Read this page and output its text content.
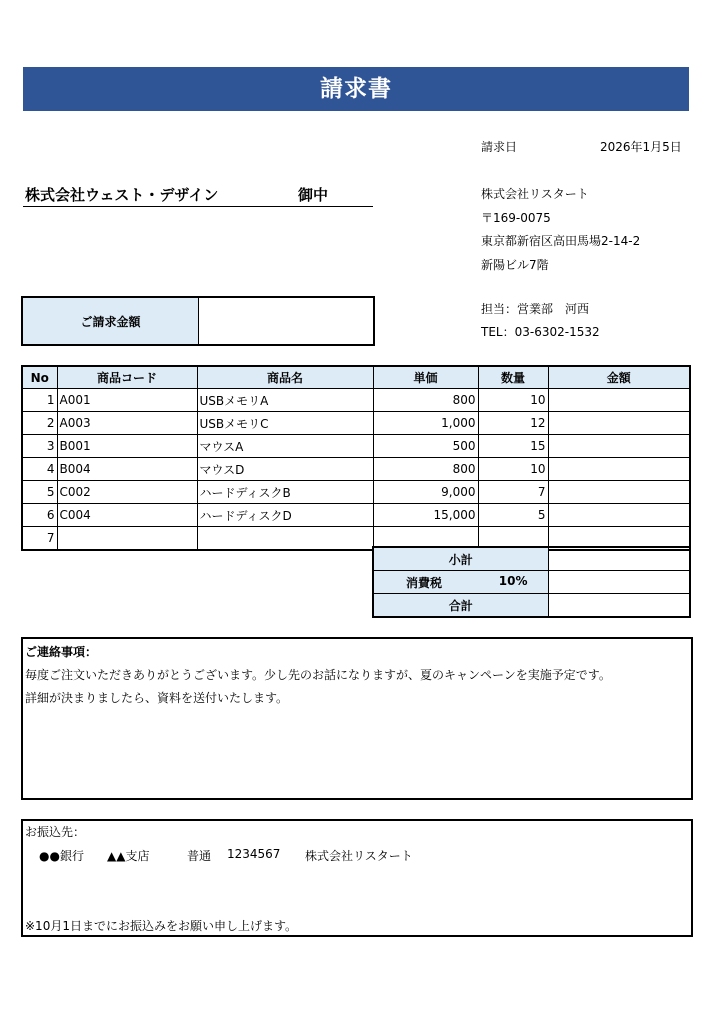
請求書
請求日	2026年1月5日
株式会社ウェスト・デザイン	御中	株式会社リスタート
〒169-0075
東京都新宿区高田馬場2-14-2
新陽ビル7階
担当：営業部　河西
TEL：03-6302-1532
ご請求金額
No	商品コード	商品名	単価	数量	金額
1	A001	USBメモリA	800	10	
2	A003	USBメモリC	1,000	12	
3	B001	マウスA	500	15	
4	B004	マウスD	800	10	
5	C002	ハードディスクB	9,000	7	
6	C004	ハードディスクD	15,000	5	
7					
小計	

消費税 10%	

合計	
ご連絡事項：
毎度ご注文いただきありがとうございます。少し先のお話になりますが、夏のキャンペーンを実施予定です。
詳細が決まりましたら、資料を送付いたします。
お振込先：
●●銀行 ▲▲支店	普通 1234567 株式会社リスタート
※10月1日までにお振込みをお願い申し上げます。
